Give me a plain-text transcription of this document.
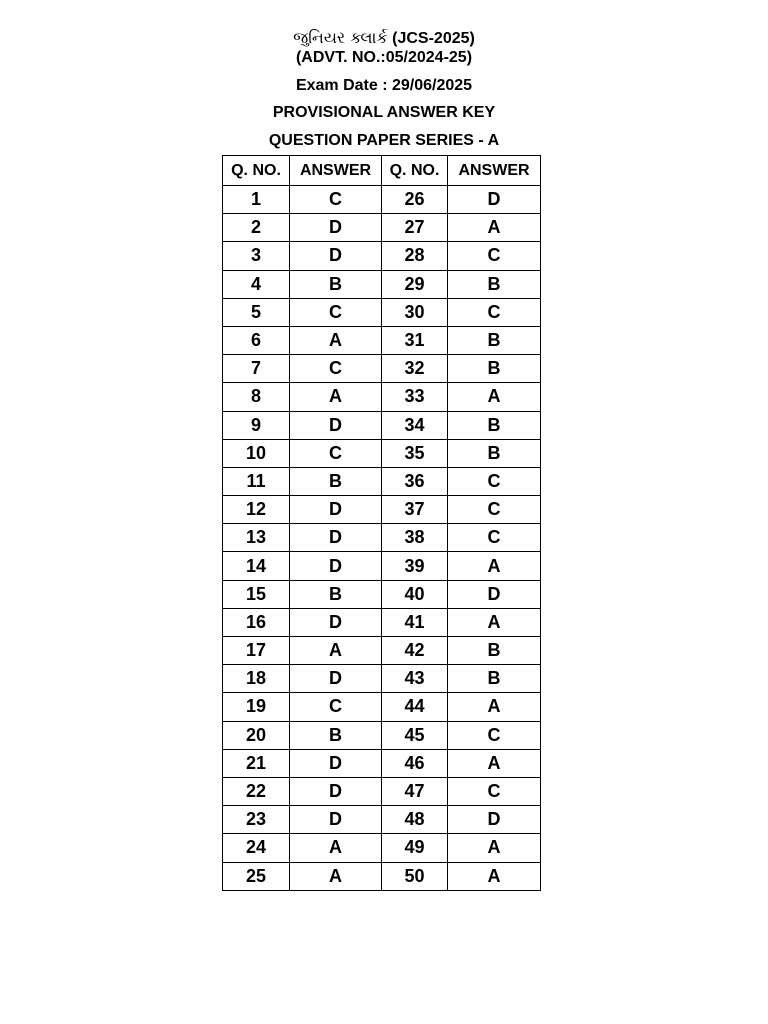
જુનિયર ક્લાર્ક (JCS-2025)
(ADVT. NO.:05/2024-25)
Exam Date : 29/06/2025
PROVISIONAL ANSWER KEY
QUESTION PAPER SERIES - A
Q. NO.	ANSWER	Q. NO.	ANSWER
1	C	26	D
2	D	27	A
3	D	28	C
4	B	29	B
5	C	30	C
6	A	31	B
7	C	32	B
8	A	33	A
9	D	34	B
10	C	35	B
11	B	36	C
12	D	37	C
13	D	38	C
14	D	39	A
15	B	40	D
16	D	41	A
17	A	42	B
18	D	43	B
19	C	44	A
20	B	45	C
21	D	46	A
22	D	47	C
23	D	48	D
24	A	49	A
25	A	50	A
